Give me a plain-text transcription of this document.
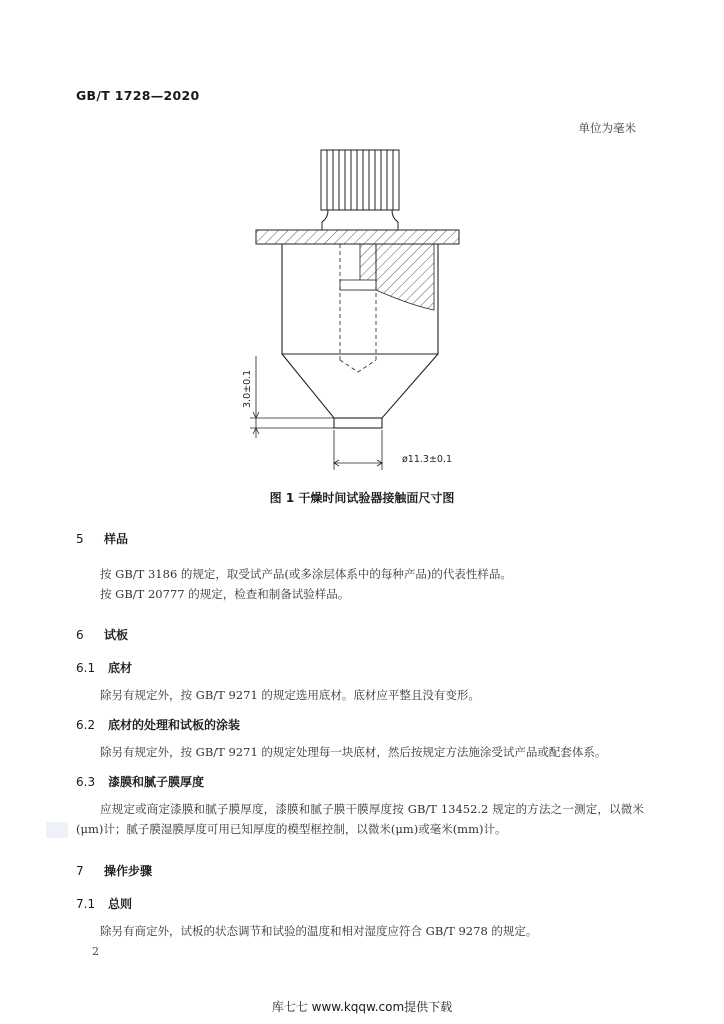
GB/T 1728—2020
单位为毫米
3.0±0.1
ø11.3±0.1
图 1 干燥时间试验器接触面尺寸图
5 样品
按 GB/T 3186 的规定，取受试产品(或多涂层体系中的每种产品)的代表性样品。
按 GB/T 20777 的规定，检查和制备试验样品。
6 试板
6.1 底材
除另有规定外，按 GB/T 9271 的规定选用底材。底材应平整且没有变形。
6.2 底材的处理和试板的涂装
除另有规定外，按 GB/T 9271 的规定处理每一块底材，然后按规定方法施涂受试产品或配套体系。
6.3 漆膜和腻子膜厚度
应规定或商定漆膜和腻子膜厚度，漆膜和腻子膜干膜厚度按 GB/T 13452.2 规定的方法之一测定，以微米(μm)计；腻子膜湿膜厚度可用已知厚度的模型框控制，以微米(μm)或毫米(mm)计。
7 操作步骤
7.1 总则
除另有商定外，试板的状态调节和试验的温度和相对湿度应符合 GB/T 9278 的规定。
2
库七七 www.kqqw.com提供下载
